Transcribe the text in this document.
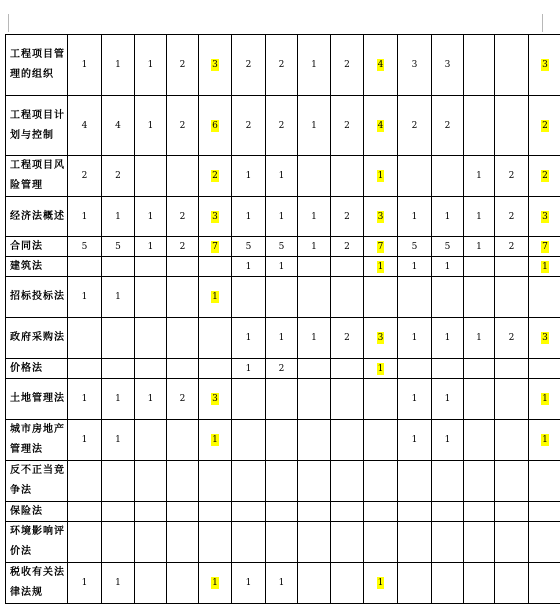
工程项目管理的组织	1	1	1	2	3	2	2	1	2	4	3	3			3
工程项目计划与控制	4	4	1	2	6	2	2	1	2	4	2	2			2
工程项目风险管理	2	2			2	1	1			1			1	2	2
经济法概述	1	1	1	2	3	1	1	1	2	3	1	1	1	2	3
合同法	5	5	1	2	7	5	5	1	2	7	5	5	1	2	7
建筑法						1	1			1	1	1			1
招标投标法	1	1			1										
政府采购法						1	1	1	2	3	1	1	1	2	3
价格法						1	2			1					
土地管理法	1	1	1	2	3						1	1			1
城市房地产管理法	1	1			1						1	1			1
反不正当竞争法															
保险法															
环境影响评价法															
税收有关法律法规	1	1			1	1	1			1					
